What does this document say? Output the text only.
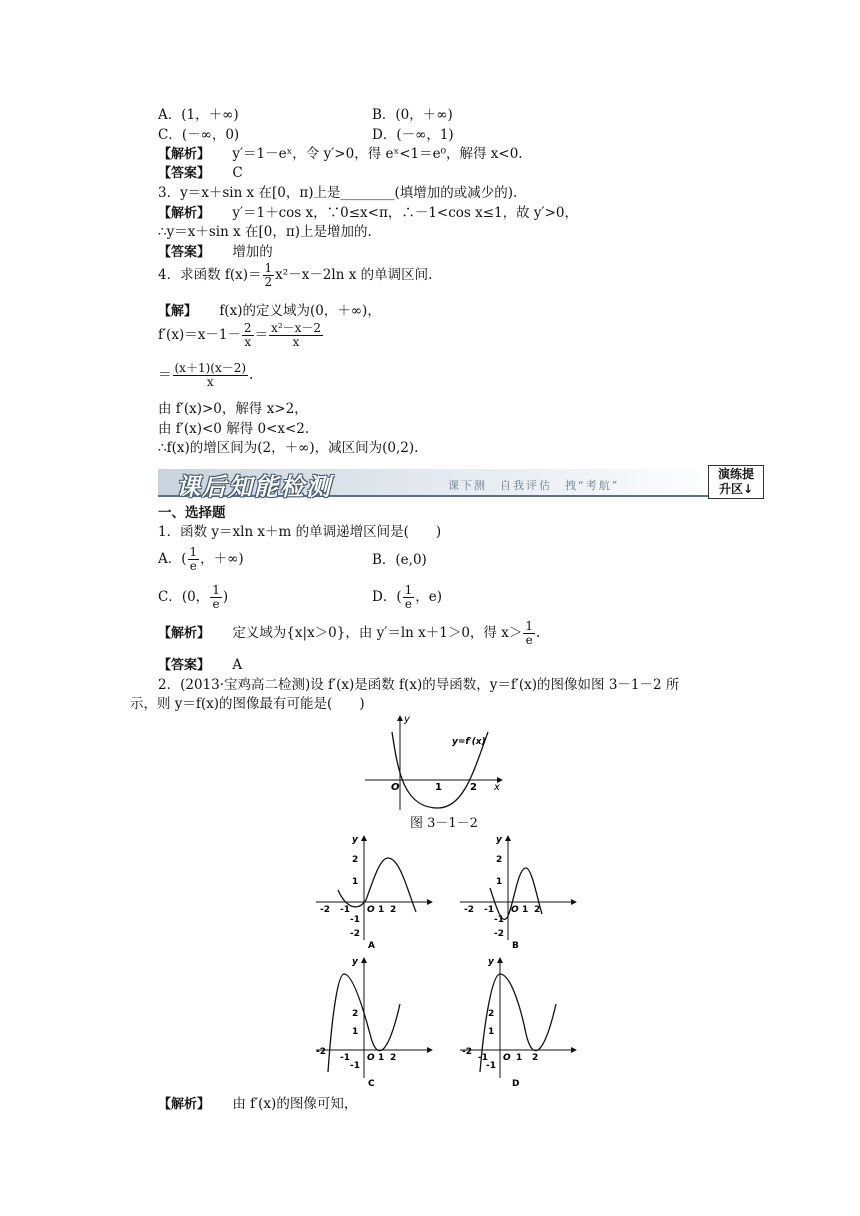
A．(1，＋∞)	B．(0，＋∞)
C．(－∞，0)	D．(－∞，1)
【解析】 y′＝1－eˣ，令 y′>0，得 eˣ<1＝e⁰，解得 x<0.
【答案】 C
3．y＝x＋sin x 在[0，π)上是________(填增加的或减少的).
【解析】 y′＝1＋cos x，∵0≤x<π，∴－1<cos x≤1，故 y′>0，
∴y＝x＋sin x 在[0，π)上是增加的.
【答案】 增加的
4．求函数 $f(x)= \frac{1}{2} x^2-x-2\ln$ x 的单调区间.
【解】 f(x)的定义域为(0，＋∞)，
$f'(x)=x-1- \frac{2}{x} = \frac{\text{x²－x－2}}{x}$
＝ $\frac{(x+1)(x-2)}{x}$ .
由 f′(x)>0，解得 x>2，
由 f′(x)<0 解得 0<x<2.
∴f(x)的增区间为(2，＋∞)，减区间为(0,2).
课后知能检测	课下测　自我评估　拽“考航”
演练提
升区↓
一、选择题
1．函数 y＝xln x＋m 的单调递增区间是(　　)
A．( $\frac{1}{e}$ ，＋∞)	B．(e,0)
C．(0， $\frac{1}{e}$ )	D．( $\frac{1}{e}$ ，e)
【解析】 定义域为{x|x＞0}，由 y′＝ln x＋1＞0，得 $x> \frac{1}{e}$ .
【答案】 A
2．(2013·宝鸡高二检测)设 f′(x)是函数 f(x)的导函数，y＝f′(x)的图像如图 3－1－2 所
示，则 y＝f(x)的图像最有可能是(　　)
y
x
y=f′(x)
O	1	2
图 3－1－2
y
2
1
-1
-2
-2 -1 O 1 2
A
y
2
1
-1
-2
-2 -1 O 1 2
B
y
2
1
-1
-2
-1 O 1 2
C
y
2
1
-1
-2
-1 O 1 2
D
【解析】 由 f′(x)的图像可知，
